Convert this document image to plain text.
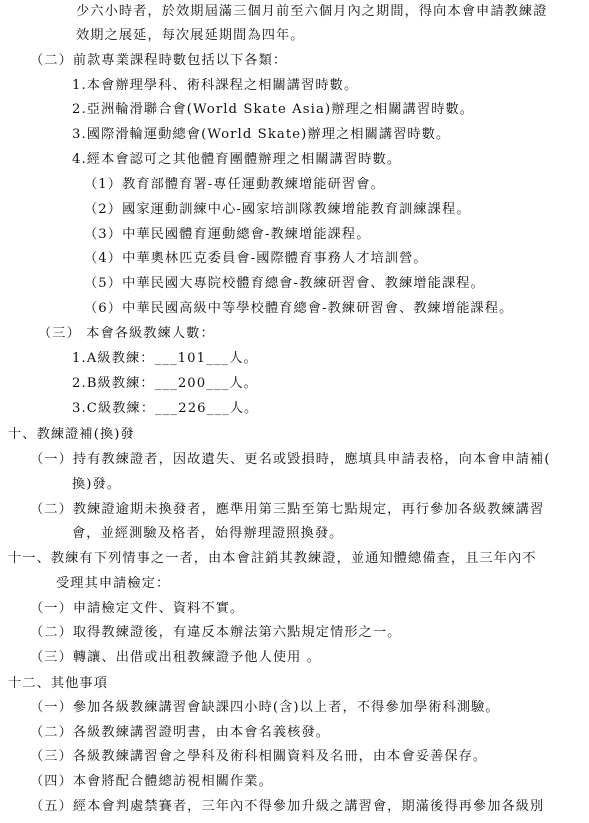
少六小時者，於效期屆滿三個月前至六個月內之期間，得向本會申請教練證
效期之展延，每次展延期間為四年。
（二）前款專業課程時數包括以下各類：
1.本會辦理學科、術科課程之相關講習時數。
2.亞洲輪滑聯合會(World Skate Asia)辦理之相關講習時數。
3.國際滑輪運動總會(World Skate)辦理之相關講習時數。
4.經本會認可之其他體育團體辦理之相關講習時數。
（1）教育部體育署-專任運動教練增能研習會。
（2）國家運動訓練中心-國家培訓隊教練增能教育訓練課程。
（3）中華民國體育運動總會-教練增能課程。
（4）中華奧林匹克委員會-國際體育事務人才培訓營。
（5）中華民國大專院校體育總會-教練研習會、教練增能課程。
（6）中華民國高級中等學校體育總會-教練研習會、教練增能課程。
（三） 本會各級教練人數：
1.A級教練：___101___人。
2.B級教練：___200___人。
3.C級教練：___226___人。
十、教練證補(換)發
（一）持有教練證者，因故遺失、更名或毀損時，應填具申請表格，向本會申請補(
換)發。
（二）教練證逾期未換發者，應準用第三點至第七點規定，再行參加各級教練講習
會，並經測驗及格者，始得辦理證照換發。
十一、教練有下列情事之一者，由本會註銷其教練證，並通知體總備查，且三年內不
受理其申請檢定：
（一）申請檢定文件、資料不實。
（二）取得教練證後，有違反本辦法第六點規定情形之一。
（三）轉讓、出借或出租教練證予他人使用 。
十二、其他事項
（一）參加各級教練講習會缺課四小時(含)以上者，不得參加學術科測驗。
（二）各級教練講習證明書，由本會名義核發。
（三）各級教練講習會之學科及術科相關資料及名冊，由本會妥善保存。
（四）本會將配合體總訪視相關作業。
（五）經本會判處禁賽者，三年內不得參加升級之講習會，期滿後得再參加各級別
